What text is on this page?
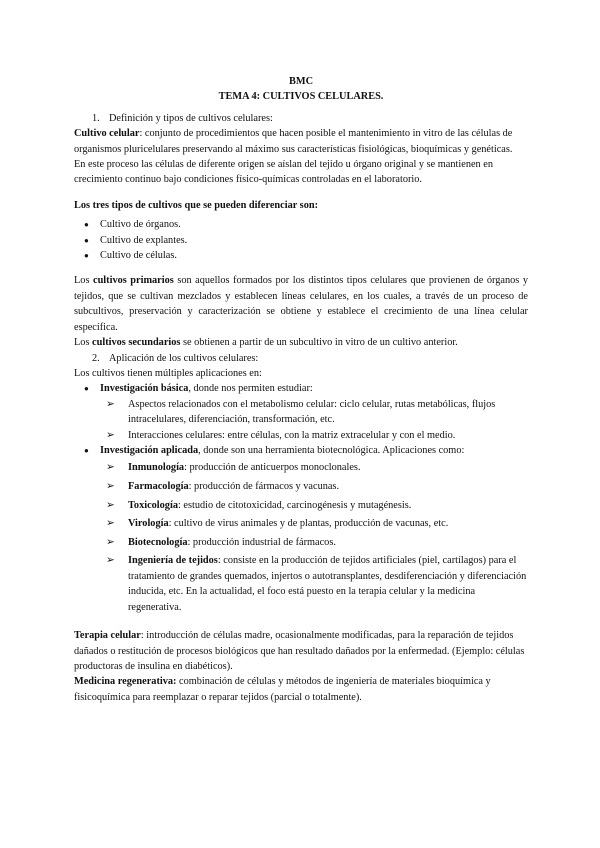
BMC

TEMA 4: CULTIVOS CELULARES.

1. Definición y tipos de cultivos celulares:

Cultivo celular: conjunto de procedimientos que hacen posible el mantenimiento in vitro de las células de organismos pluricelulares preservando al máximo sus características fisiológicas, bioquímicas y genéticas.

En este proceso las células de diferente origen se aíslan del tejido u órgano original y se mantienen en crecimiento continuo bajo condiciones físico-químicas controladas en el laboratorio.

Los tres tipos de cultivos que se pueden diferenciar son:

● Cultivo de órganos.
● Cultivo de explantes.
● Cultivo de células.

Los cultivos primarios son aquellos formados por los distintos tipos celulares que provienen de órganos y tejidos, que se cultivan mezclados y establecen líneas celulares, en los cuales, a través de un proceso de subcultivos, preservación y caracterización se obtiene y establece el crecimiento de una línea celular específica.

Los cultivos secundarios se obtienen a partir de un subcultivo in vitro de un cultivo anterior.

2. Aplicación de los cultivos celulares:

Los cultivos tienen múltiples aplicaciones en:

● Investigación básica, donde nos permiten estudiar:
➢ Aspectos relacionados con el metabolismo celular: ciclo celular, rutas metabólicas, flujos intracelulares, diferenciación, transformación, etc.
➢ Interacciones celulares: entre células, con la matriz extracelular y con el medio.
● Investigación aplicada, donde son una herramienta biotecnológica. Aplicaciones como:
➢ Inmunología: producción de anticuerpos monoclonales.
➢ Farmacología: producción de fármacos y vacunas.
➢ Toxicología: estudio de citotoxicidad, carcinogénesis y mutagénesis.
➢ Virología: cultivo de virus animales y de plantas, producción de vacunas, etc.
➢ Biotecnología: producción industrial de fármacos.
➢ Ingeniería de tejidos: consiste en la producción de tejidos artificiales (piel, cartílagos) para el tratamiento de grandes quemados, injertos o autotransplantes, desdiferenciación y diferenciación inducida, etc. En la actualidad, el foco está puesto en la terapia celular y la medicina regenerativa.

Terapia celular: introducción de células madre, ocasionalmente modificadas, para la reparación de tejidos dañados o restitución de procesos biológicos que han resultado dañados por la enfermedad. (Ejemplo: células productoras de insulina en diabéticos).

Medicina regenerativa: combinación de células y métodos de ingeniería de materiales bioquímica y fisicoquímica para reemplazar o reparar tejidos (parcial o totalmente).
